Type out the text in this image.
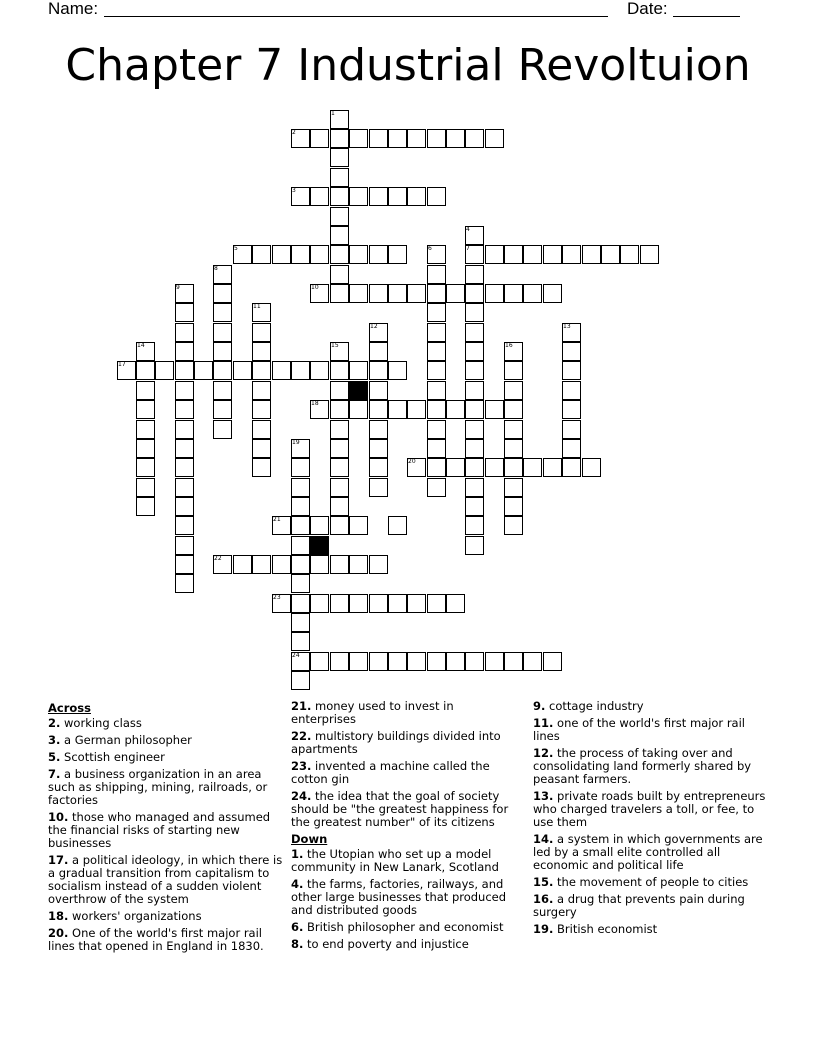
Name:	Date:
Chapter 7 Industrial Revoltuion
1
2
3
4
5	6	7
8
9	10
11
12	13
14	15	16
17
18
19
20
21
22
23
24
Across
2. working class
3. a German philosopher
5. Scottish engineer
7. a business organization in an area such as shipping, mining, railroads, or factories
10. those who managed and assumed the financial risks of starting new businesses
17. a political ideology, in which there is a gradual transition from capitalism to socialism instead of a sudden violent overthrow of the system
18. workers' organizations
20. One of the world's first major rail lines that opened in England in 1830.
21. money used to invest in enterprises
22. multistory buildings divided into apartments
23. invented a machine called the cotton gin
24. the idea that the goal of society should be "the greatest happiness for the greatest number" of its citizens
Down
1. the Utopian who set up a model community in New Lanark, Scotland
4. the farms, factories, railways, and other large businesses that produced and distributed goods
6. British philosopher and economist
8. to end poverty and injustice
9. cottage industry
11. one of the world's first major rail lines
12. the process of taking over and consolidating land formerly shared by peasant farmers.
13. private roads built by entrepreneurs who charged travelers a toll, or fee, to use them
14. a system in which governments are led by a small elite controlled all economic and political life
15. the movement of people to cities
16. a drug that prevents pain during surgery
19. British economist
